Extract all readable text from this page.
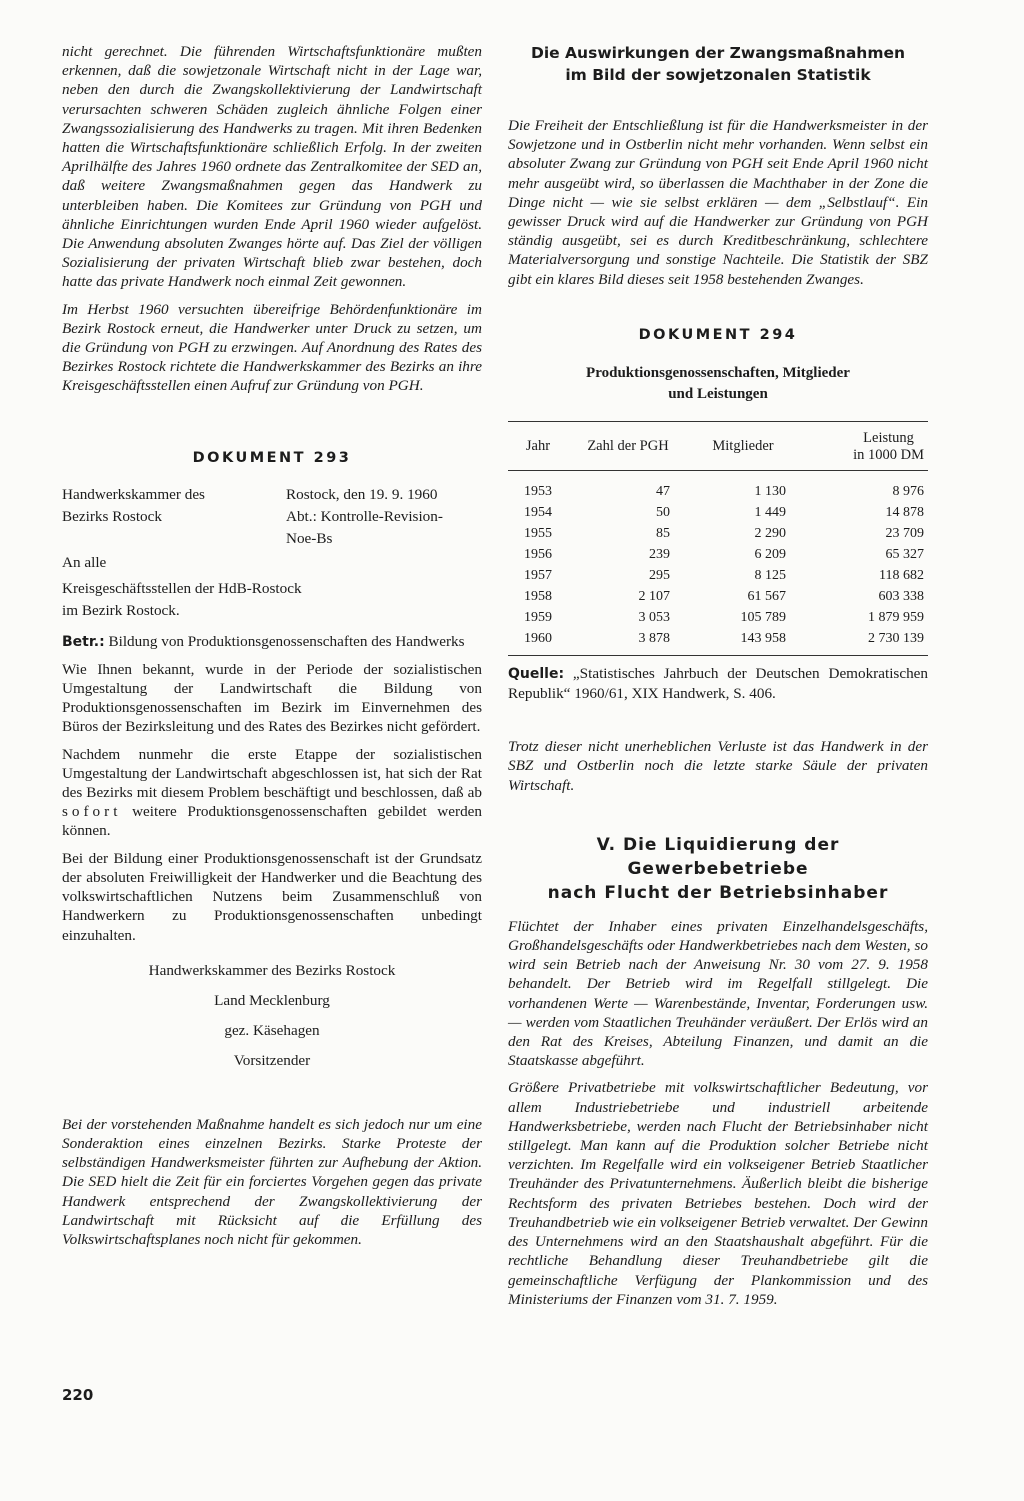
nicht gerechnet. Die führenden Wirtschaftsfunktionäre mußten erkennen, daß die sowjetzonale Wirtschaft nicht in der Lage war, neben den durch die Zwangskollektivierung der Landwirtschaft verursachten schweren Schäden zugleich ähnliche Folgen einer Zwangssozialisierung des Handwerks zu tragen. Mit ihren Bedenken hatten die Wirtschaftsfunktionäre schließlich Erfolg. In der zweiten Aprilhälfte des Jahres 1960 ordnete das Zentralkomitee der SED an, daß weitere Zwangsmaßnahmen gegen das Handwerk zu unterbleiben haben. Die Komitees zur Gründung von PGH und ähnliche Einrichtungen wurden Ende April 1960 wieder aufgelöst. Die Anwendung absoluten Zwanges hörte auf. Das Ziel der völligen Sozialisierung der privaten Wirtschaft blieb zwar bestehen, doch hatte das private Handwerk noch einmal Zeit gewonnen.

Im Herbst 1960 versuchten übereifrige Behördenfunktionäre im Bezirk Rostock erneut, die Handwerker unter Druck zu setzen, um die Gründung von PGH zu erzwingen. Auf Anordnung des Rates des Bezirkes Rostock richtete die Handwerkskammer des Bezirks an ihre Kreisgeschäftsstellen einen Aufruf zur Gründung von PGH.

DOKUMENT 293
Handwerkskammer des	Rostock, den 19. 9. 1960
Bezirks Rostock	Abt.: Kontrolle-Revision-
Noe-Bs
An alle
Kreisgeschäftsstellen der HdB-Rostock
im Bezirk Rostock.

Betr.: Bildung von Produktionsgenossenschaften des Handwerks

Wie Ihnen bekannt, wurde in der Periode der sozialistischen Umgestaltung der Landwirtschaft die Bildung von Produktionsgenossenschaften im Bezirk im Einvernehmen des Büros der Bezirksleitung und des Rates des Bezirkes nicht gefördert.

Nachdem nunmehr die erste Etappe der sozialistischen Umgestaltung der Landwirtschaft abgeschlossen ist, hat sich der Rat des Bezirks mit diesem Problem beschäftigt und beschlossen, daß ab sofort weitere Produktionsgenossenschaften gebildet werden können.

Bei der Bildung einer Produktionsgenossenschaft ist der Grundsatz der absoluten Freiwilligkeit der Handwerker und die Beachtung des volkswirtschaftlichen Nutzens beim Zusammenschluß von Handwerkern zu Produktionsgenossenschaften unbedingt einzuhalten.

Handwerkskammer des Bezirks Rostock
Land Mecklenburg
gez. Käsehagen
Vorsitzender

Bei der vorstehenden Maßnahme handelt es sich jedoch nur um eine Sonderaktion eines einzelnen Bezirks. Starke Proteste der selbständigen Handwerksmeister führten zur Aufhebung der Aktion. Die SED hielt die Zeit für ein forciertes Vorgehen gegen das private Handwerk entsprechend der Zwangskollektivierung der Landwirtschaft mit Rücksicht auf die Erfüllung des Volkswirtschaftsplanes noch nicht für gekommen.

Die Auswirkungen der Zwangsmaßnahmen
im Bild der sowjetzonalen Statistik

Die Freiheit der Entschließlung ist für die Handwerksmeister in der Sowjetzone und in Ostberlin nicht mehr vorhanden. Wenn selbst ein absoluter Zwang zur Gründung von PGH seit Ende April 1960 nicht mehr ausgeübt wird, so überlassen die Machthaber in der Zone die Dinge nicht — wie sie selbst erklären — dem „Selbstlauf“. Ein gewisser Druck wird auf die Handwerker zur Gründung von PGH ständig ausgeübt, sei es durch Kreditbeschränkung, schlechtere Materialversorgung und sonstige Nachteile. Die Statistik der SBZ gibt ein klares Bild dieses seit 1958 bestehenden Zwanges.

DOKUMENT 294
Produktionsgenossenschaften, Mitglieder
und Leistungen
Jahr	Zahl der PGH	Mitglieder	Leistung
in 1000 DM

1953	47	1 130	8 976
1954	50	1 449	14 878
1955	85	2 290	23 709
1956	239	6 209	65 327
1957	295	8 125	118 682
1958	2 107	61 567	603 338
1959	3 053	105 789	1 879 959
1960	3 878	143 958	2 730 139

Quelle: „Statistisches Jahrbuch der Deutschen Demokratischen Republik“ 1960/61, XIX Handwerk, S. 406.

Trotz dieser nicht unerheblichen Verluste ist das Handwerk in der SBZ und Ostberlin noch die letzte starke Säule der privaten Wirtschaft.

V. Die Liquidierung der Gewerbebetriebe
nach Flucht der Betriebsinhaber

Flüchtet der Inhaber eines privaten Einzelhandelsgeschäfts, Großhandelsgeschäfts oder Handwerkbetriebes nach dem Westen, so wird sein Betrieb nach der Anweisung Nr. 30 vom 27. 9. 1958 behandelt. Der Betrieb wird im Regelfall stillgelegt. Die vorhandenen Werte — Warenbestände, Inventar, Forderungen usw. — werden vom Staatlichen Treuhänder veräußert. Der Erlös wird an den Rat des Kreises, Abteilung Finanzen, und damit an die Staatskasse abgeführt.

Größere Privatbetriebe mit volkswirtschaftlicher Bedeutung, vor allem Industriebetriebe und industriell arbeitende Handwerksbetriebe, werden nach Flucht der Betriebsinhaber nicht stillgelegt. Man kann auf die Produktion solcher Betriebe nicht verzichten. Im Regelfalle wird ein volkseigener Betrieb Staatlicher Treuhänder des Privatunternehmens. Äußerlich bleibt die bisherige Rechtsform des privaten Betriebes bestehen. Doch wird der Treuhandbetrieb wie ein volkseigener Betrieb verwaltet. Der Gewinn des Unternehmens wird an den Staatshaushalt abgeführt. Für die rechtliche Behandlung dieser Treuhandbetriebe gilt die gemeinschaftliche Verfügung der Plankommission und des Ministeriums der Finanzen vom 31. 7. 1959.

220
